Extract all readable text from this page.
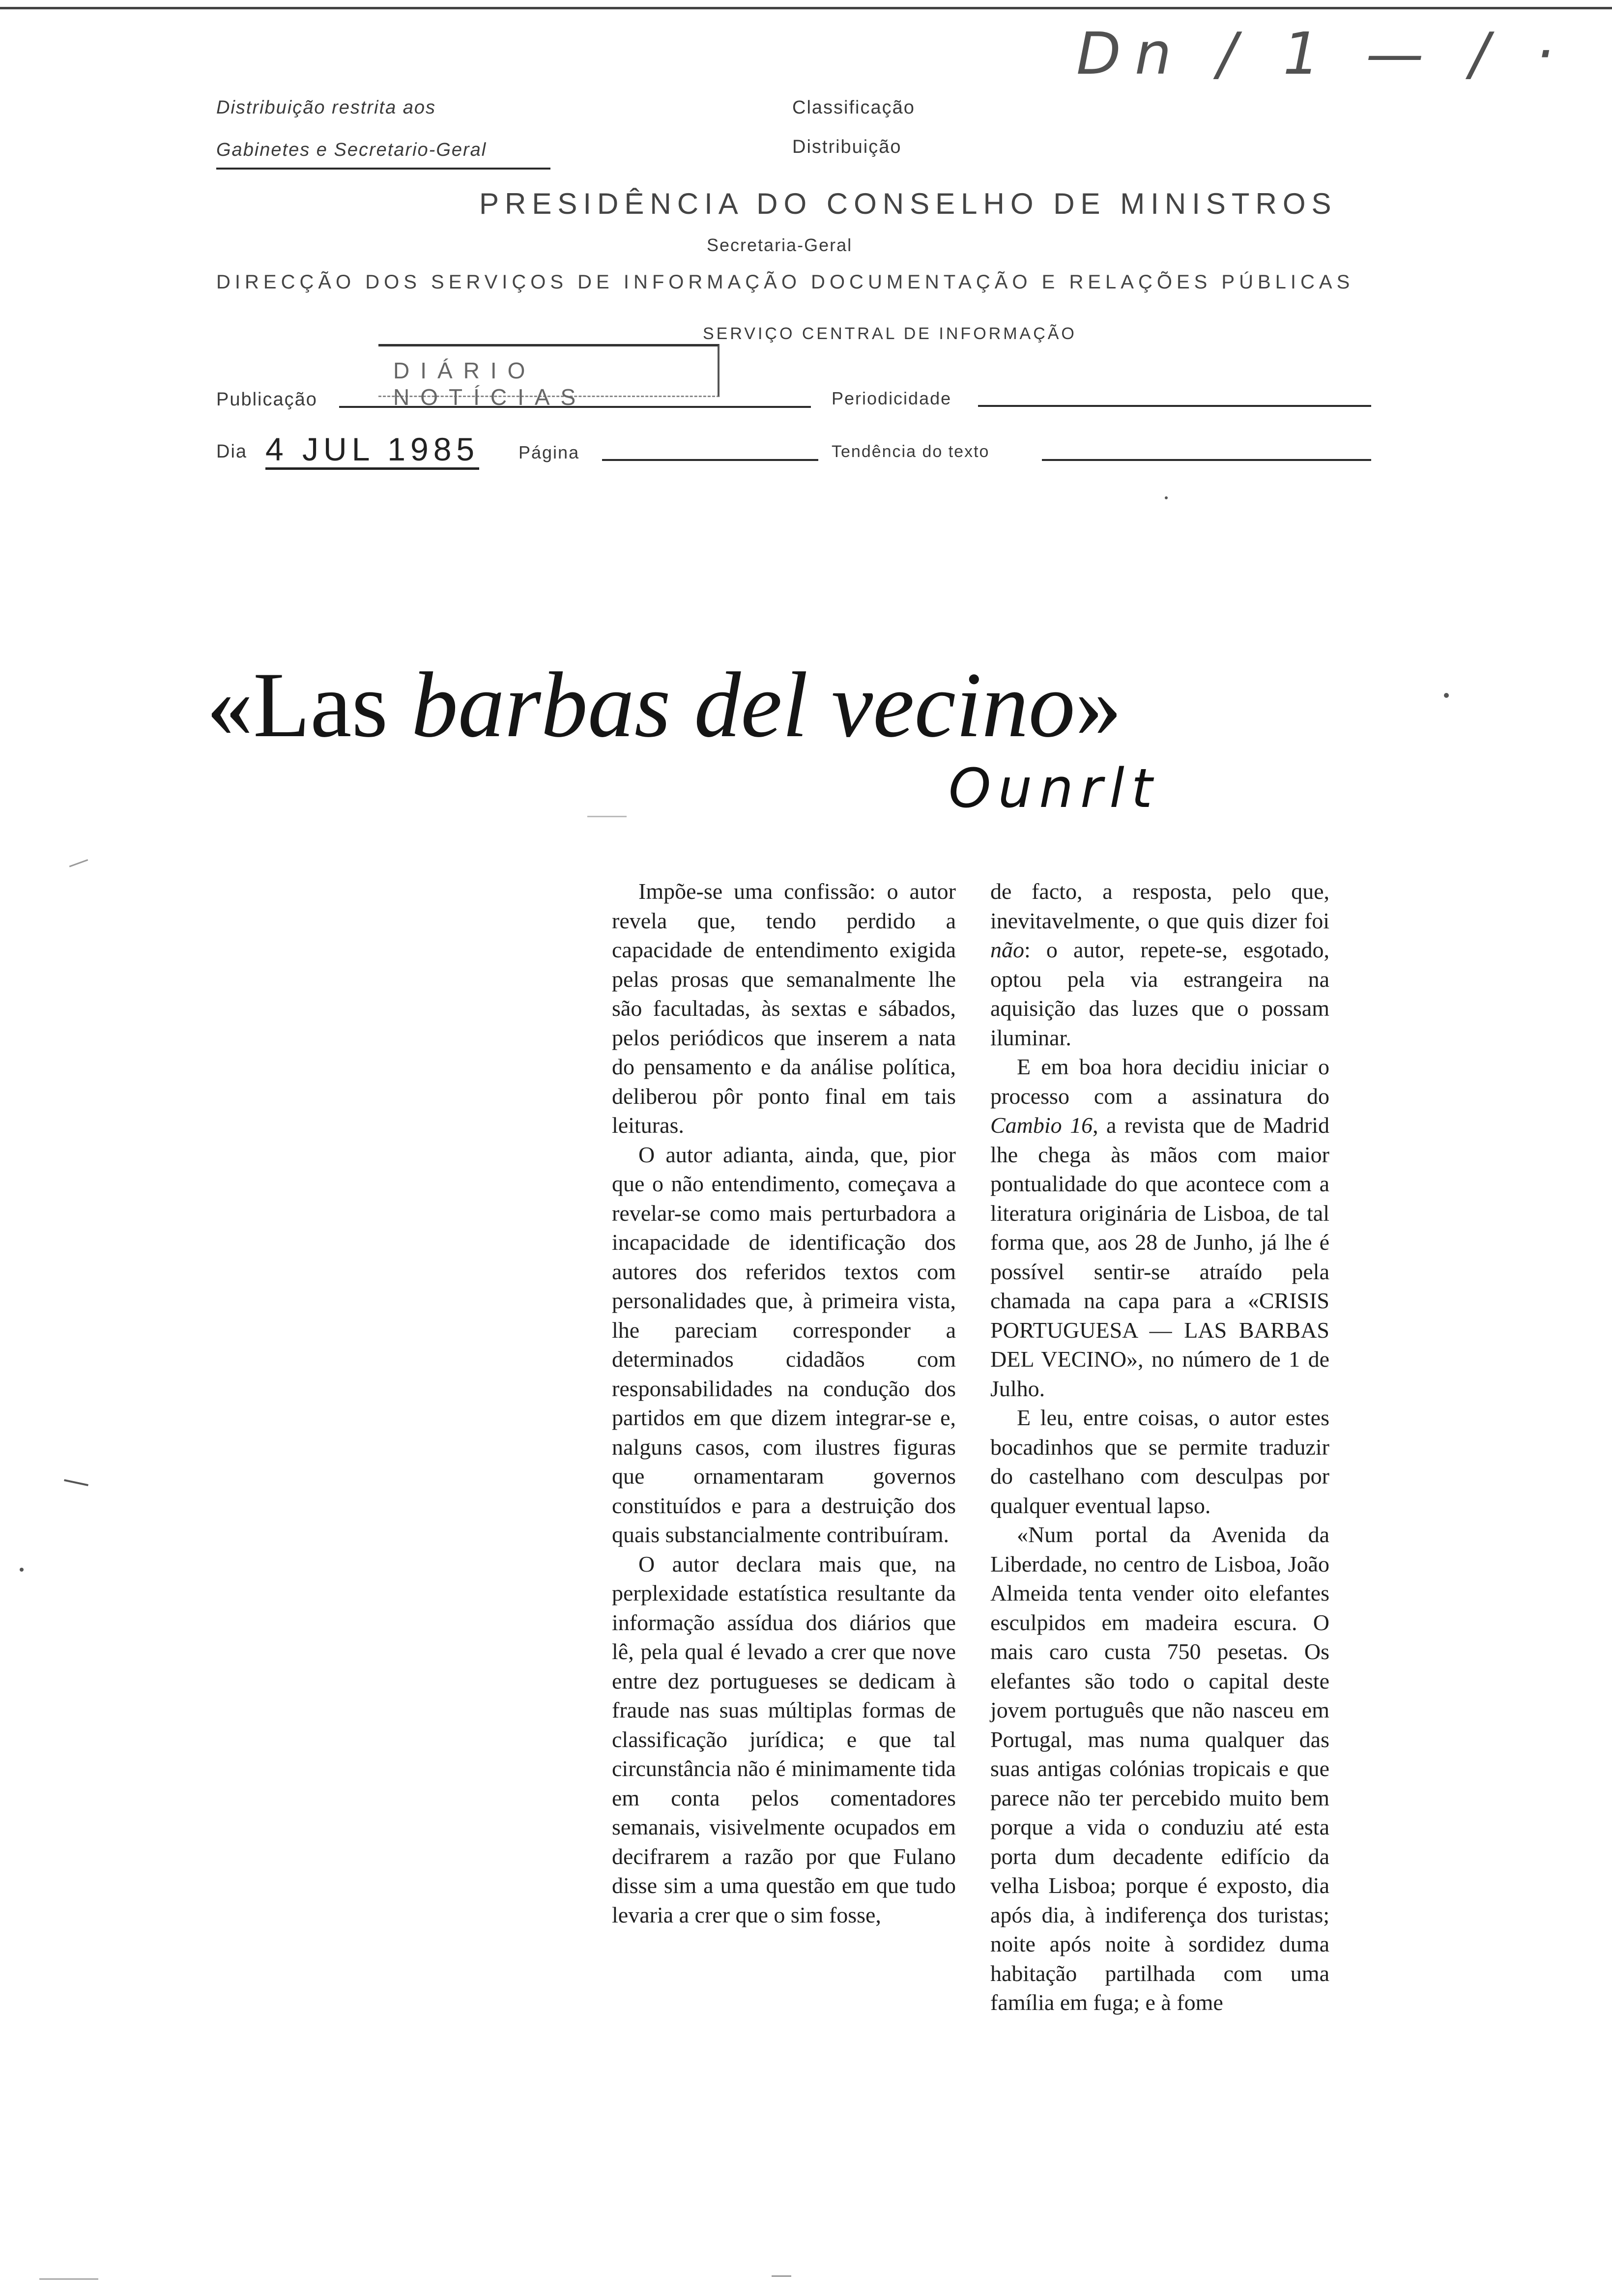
Dn / 1 — / ·
Distribuição restrita aos
Gabinetes e Secretario-Geral
Classificação
Distribuição
PRESIDÊNCIA DO CONSELHO DE MINISTROS
Secretaria-Geral
DIRECÇÃO DOS SERVIÇOS DE INFORMAÇÃO DOCUMENTAÇÃO E RELAÇÕES PÚBLICAS
SERVIÇO CENTRAL DE INFORMAÇÃO
DIÁRIO NOTÍCIAS
Publicação	Periodicidade
Dia 4 JUL 1985 Página	Tendência do texto
«Las barbas del vecino»
Ounrlt

Impõe-se uma confissão: o autor revela que, tendo perdido a capacidade de entendimento exigida pelas prosas que semanalmente lhe são facultadas, às sextas e sábados, pelos periódicos que inserem a nata do pensamento e da análise política, deliberou pôr ponto final em tais leituras.

O autor adianta, ainda, que, pior que o não entendimento, começava a revelar-se como mais perturbadora a incapacidade de identificação dos autores dos referidos textos com personalidades que, à primeira vista, lhe pareciam corresponder a determinados cidadãos com responsabilidades na condução dos partidos em que dizem integrar-se e, nalguns casos, com ilustres figuras que ornamentaram governos constituídos e para a destruição dos quais substancialmente contribuíram.

O autor declara mais que, na perplexidade estatística resultante da informação assídua dos diários que lê, pela qual é levado a crer que nove entre dez portugueses se dedicam à fraude nas suas múltiplas formas de classificação jurídica; e que tal circunstância não é minimamente tida em conta pelos comentadores semanais, visivelmente ocupados em decifrarem a razão por que Fulano disse sim a uma questão em que tudo levaria a crer que o sim fosse,

de facto, a resposta, pelo que, inevitavelmente, o que quis dizer foi não: o autor, repete-se, esgotado, optou pela via estrangeira na aquisição das luzes que o possam iluminar.

E em boa hora decidiu iniciar o processo com a assinatura do Cambio 16, a revista que de Madrid lhe chega às mãos com maior pontualidade do que acontece com a literatura originária de Lisboa, de tal forma que, aos 28 de Junho, já lhe é possível sentir-se atraído pela chamada na capa para a «CRISIS PORTUGUESA — LAS BARBAS DEL VECINO», no número de 1 de Julho.

E leu, entre coisas, o autor estes bocadinhos que se permite traduzir do castelhano com desculpas por qualquer eventual lapso.

«Num portal da Avenida da Liberdade, no centro de Lisboa, João Almeida tenta vender oito elefantes esculpidos em madeira escura. O mais caro custa 750 pesetas. Os elefantes são todo o capital deste jovem português que não nasceu em Portugal, mas numa qualquer das suas antigas colónias tropicais e que parece não ter percebido muito bem porque a vida o conduziu até esta porta dum decadente edifício da velha Lisboa; porque é exposto, dia após dia, à indiferença dos turistas; noite após noite à sordidez duma habitação partilhada com uma família em fuga; e à fome
